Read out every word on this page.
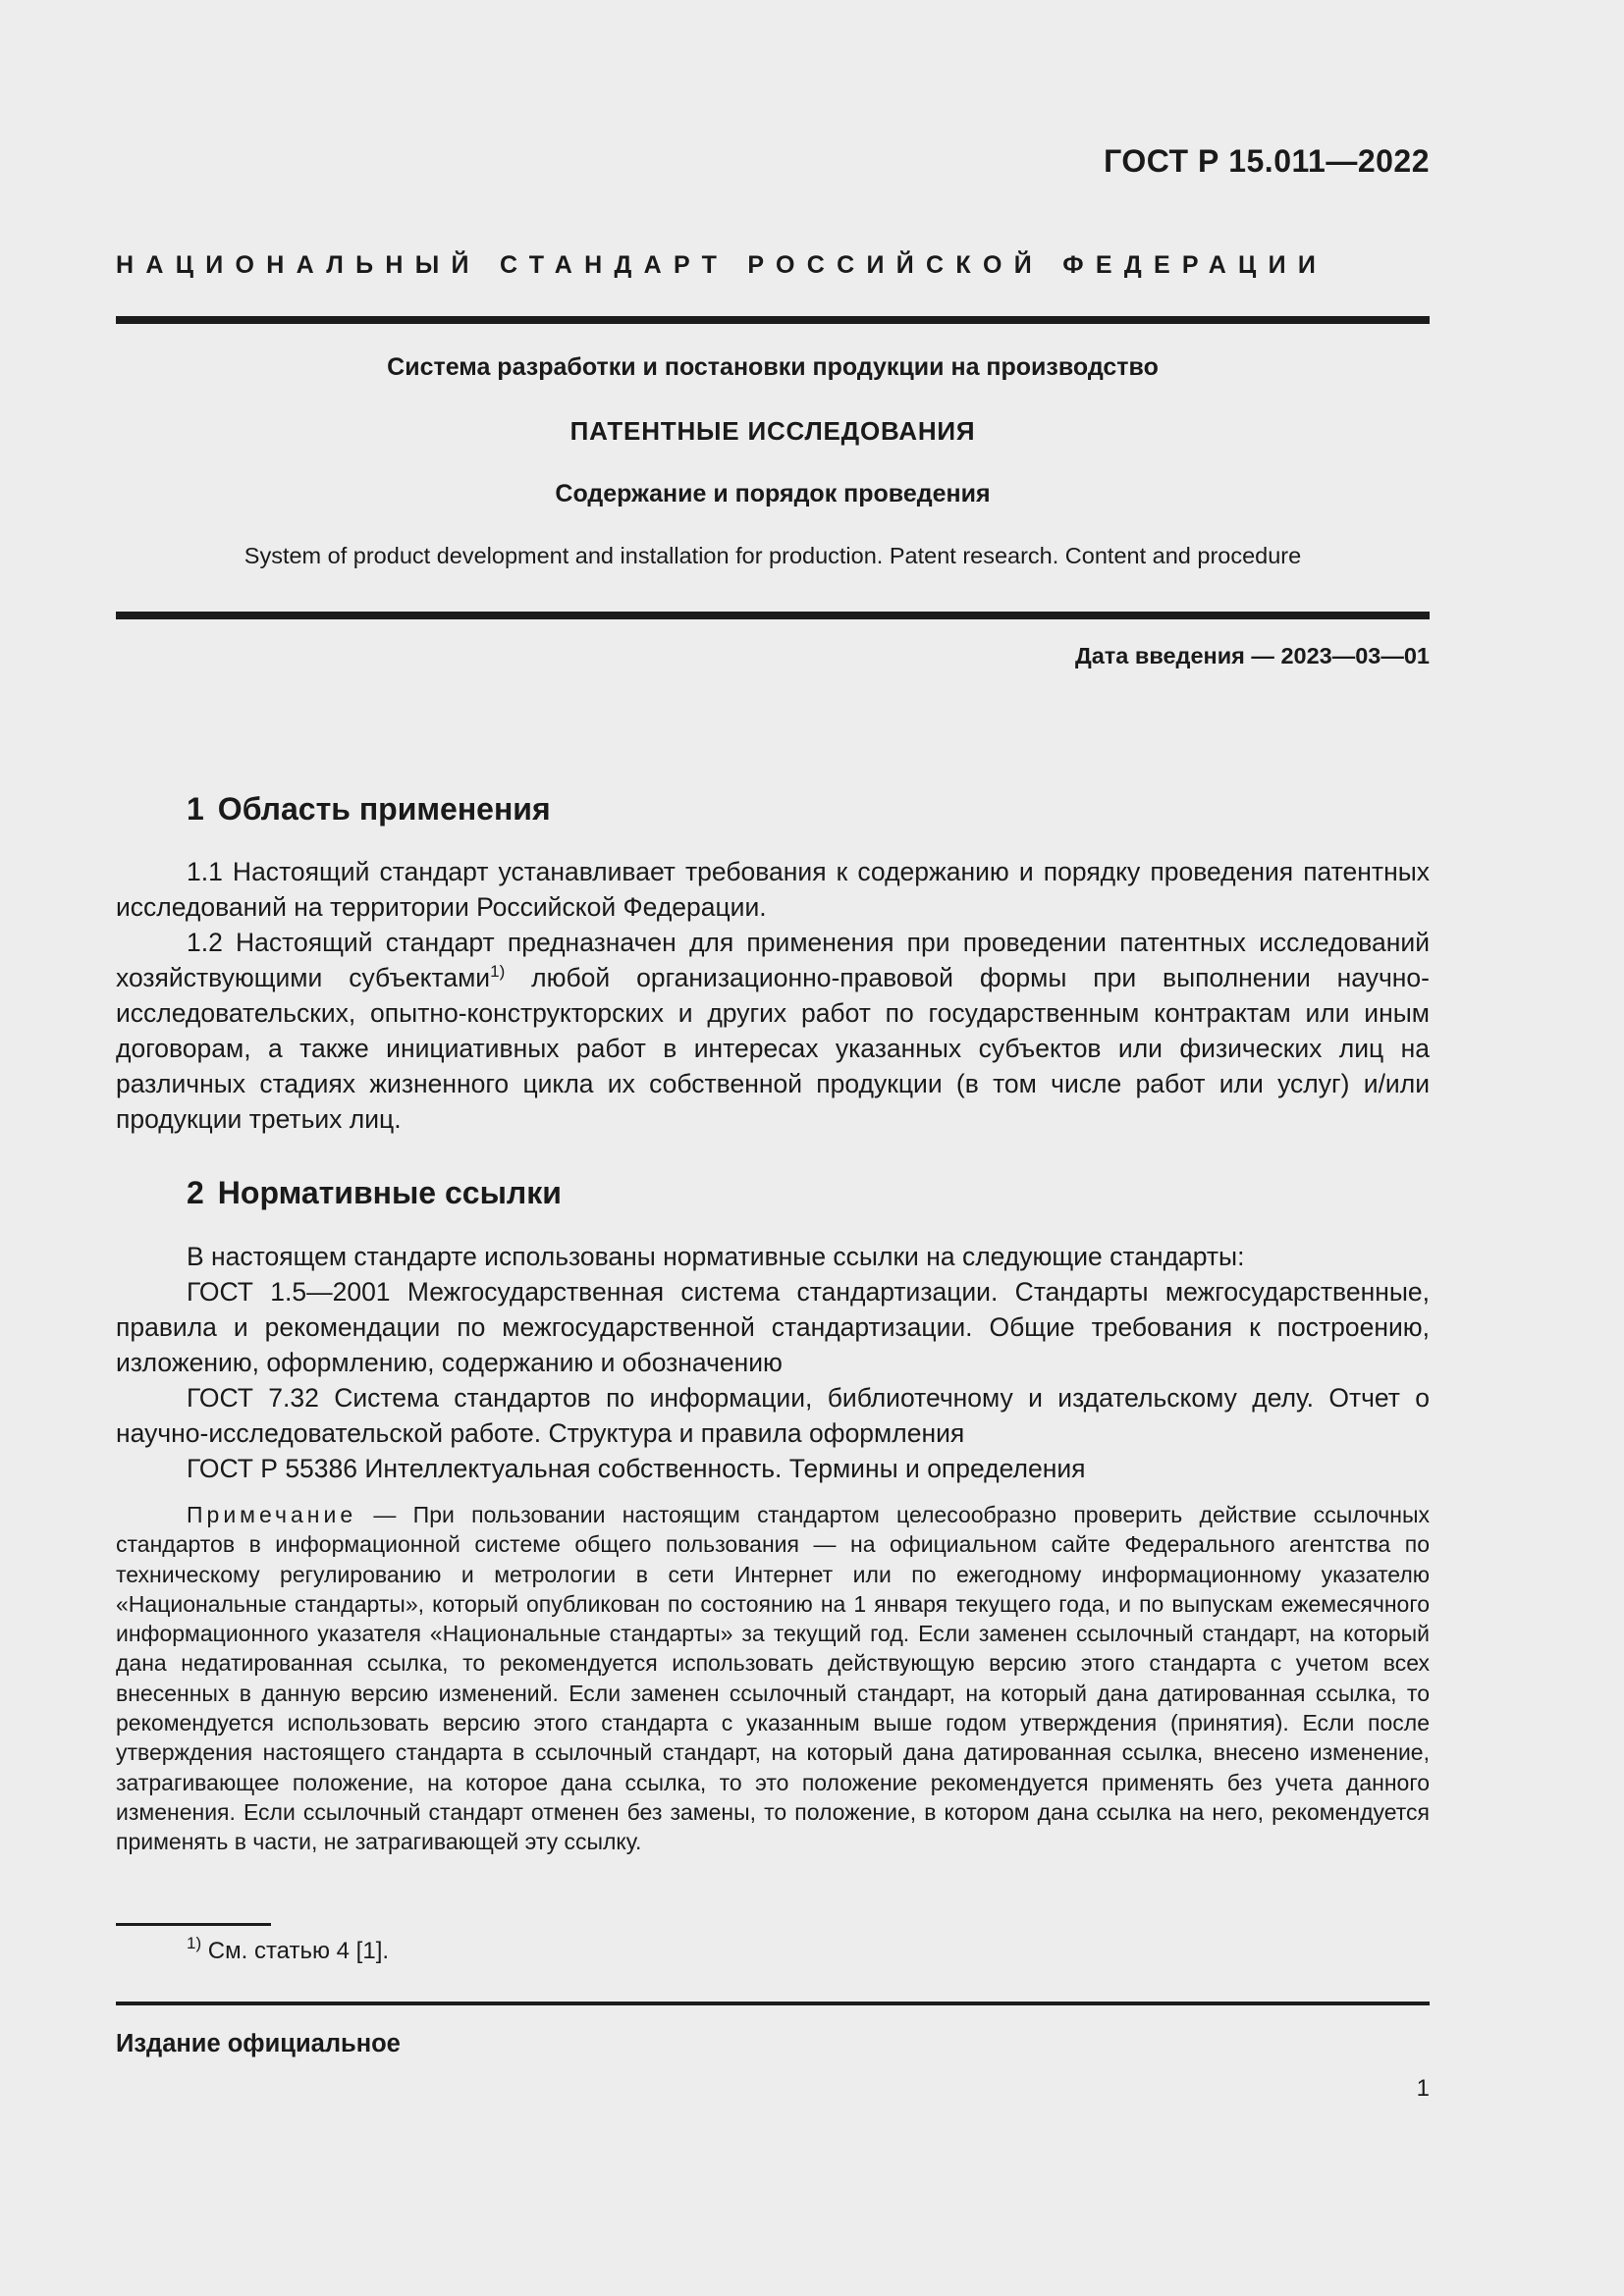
ГОСТ Р 15.011—2022
НАЦИОНАЛЬНЫЙ СТАНДАРТ РОССИЙСКОЙ ФЕДЕРАЦИИ
Система разработки и постановки продукции на производство
ПАТЕНТНЫЕ ИССЛЕДОВАНИЯ
Содержание и порядок проведения
System of product development and installation for production. Patent research. Content and procedure
Дата введения — 2023—03—01
1 Область применения

1.1 Настоящий стандарт устанавливает требования к содержанию и порядку проведения патентных исследований на территории Российской Федерации.

1.2 Настоящий стандарт предназначен для применения при проведении патентных исследований хозяйствующими субъектами$^{1)}$ любой организационно-правовой формы при выполнении научно-исследовательских, опытно-конструкторских и других работ по государственным контрактам или иным договорам, а также инициативных работ в интересах указанных субъектов или физических лиц на различных стадиях жизненного цикла их собственной продукции (в том числе работ или услуг) и/или продукции третьих лиц.

2 Нормативные ссылки

В настоящем стандарте использованы нормативные ссылки на следующие стандарты:

ГОСТ 1.5—2001 Межгосударственная система стандартизации. Стандарты межгосударственные, правила и рекомендации по межгосударственной стандартизации. Общие требования к построению, изложению, оформлению, содержанию и обозначению

ГОСТ 7.32 Система стандартов по информации, библиотечному и издательскому делу. Отчет о научно-исследовательской работе. Структура и правила оформления

ГОСТ Р 55386 Интеллектуальная собственность. Термины и определения

Примечание — При пользовании настоящим стандартом целесообразно проверить действие ссылочных стандартов в информационной системе общего пользования — на официальном сайте Федерального агентства по техническому регулированию и метрологии в сети Интернет или по ежегодному информационному указателю «Национальные стандарты», который опубликован по состоянию на 1 января текущего года, и по выпускам ежемесячного информационного указателя «Национальные стандарты» за текущий год. Если заменен ссылочный стандарт, на который дана недатированная ссылка, то рекомендуется использовать действующую версию этого стандарта с учетом всех внесенных в данную версию изменений. Если заменен ссылочный стандарт, на который дана датированная ссылка, то рекомендуется использовать версию этого стандарта с указанным выше годом утверждения (принятия). Если после утверждения настоящего стандарта в ссылочный стандарт, на который дана датированная ссылка, внесено изменение, затрагивающее положение, на которое дана ссылка, то это положение рекомендуется применять без учета данного изменения. Если ссылочный стандарт отменен без замены, то положение, в котором дана ссылка на него, рекомендуется применять в части, не затрагивающей эту ссылку.

$^{1)}$ См. статью 4 [1].
Издание официальное
1
